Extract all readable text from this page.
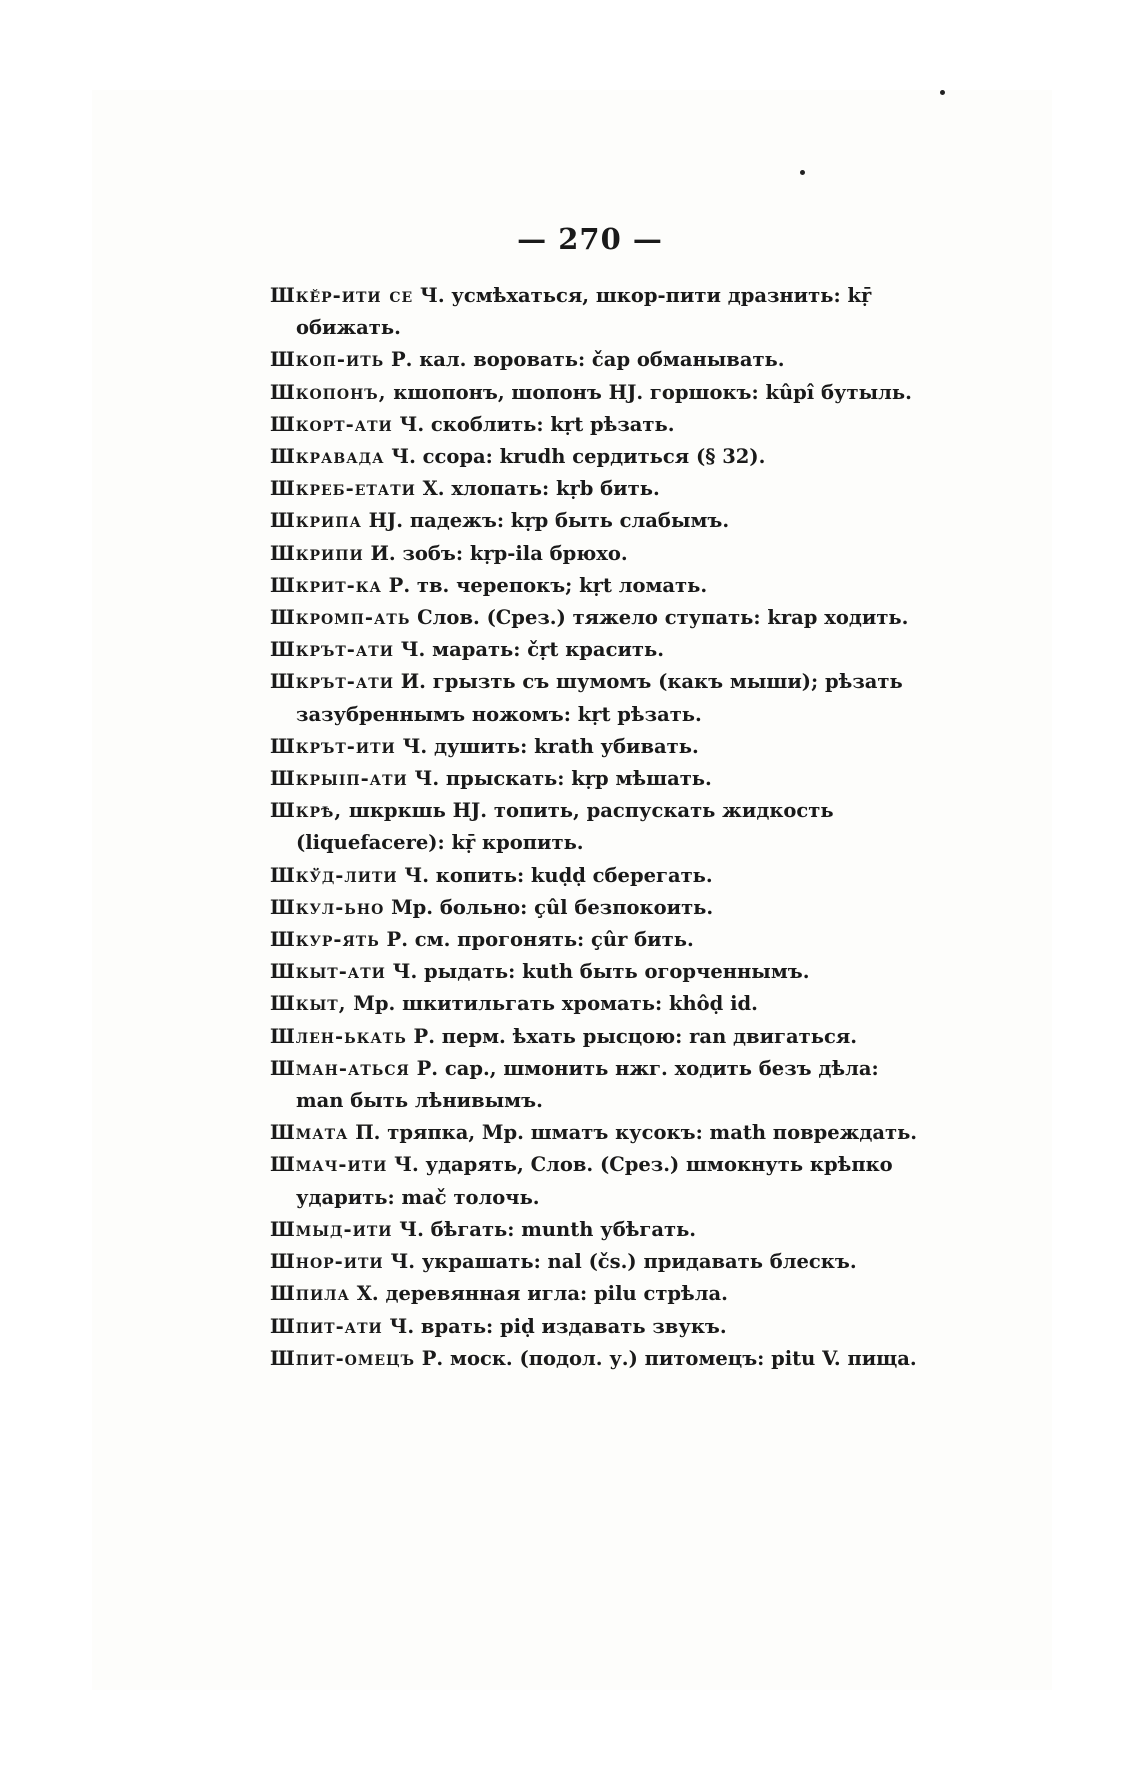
— 270 —
Шкӗр-ити се Ч. усмѣхаться, шкор-пити дразнить: kṝ обижать.
Шкоп-ить Р. кал. воровать: čap обманывать.
Шкопонъ, кшопонъ, шопонъ НЈ. горшокъ: kûpî бутыль.
Шкорт-ати Ч. скоблить: kṛt рѣзать.
Шкравада Ч. ссора: krudh сердиться (§ 32).
Шкреб-етати Х. хлопать: kṛb бить.
Шкрипа НЈ. падежъ: kṛp быть слабымъ.
Шкрипи И. зобъ: kṛp-ila брюхо.
Шкрит-ка Р. тв. черепокъ; kṛt ломать.
Шкромп-ать Слов. (Срез.) тяжело ступать: krap ходить.
Шкрът-ати Ч. марать: čṛt красить.
Шкрът-ати И. грызть съ шумомъ (какъ мыши); рѣзать зазубреннымъ ножомъ: kṛt рѣзать.
Шкрът-ити Ч. душить: krath убивать.
Шкрыіп-ати Ч. прыскать: kṛp мѣшать.
Шкрѣ, шкркшь НЈ. топить, распускать жидкость (liquefacere): kṝ кропить.
Шкўд-лити Ч. копить: kuḍḍ сберегать.
Шкул-ьно Мр. больно: çûl безпокоить.
Шкур-ять Р. см. прогонять: çûr бить.
Шкыт-ати Ч. рыдать: kuth быть огорченнымъ.
Шкыт, Мр. шкитильгать хромать: khôḍ id.
Шлен-ькать Р. перм. ѣхать рысцою: ran двигаться.
Шман-аться Р. сар., шмонить нжг. ходить безъ дѣла: man быть лѣнивымъ.
Шмата П. тряпка, Мр. шматъ кусокъ: math повреждать.
Шмач-ити Ч. ударять, Слов. (Срез.) шмокнуть крѣпко ударить: mač толочь.
Шмыд-ити Ч. бѣгать: munth убѣгать.
Шнор-ити Ч. украшать: nal (čs.) придавать блескъ.
Шпила Х. деревянная игла: pilu стрѣла.
Шпит-ати Ч. врать: piḍ издавать звукъ.
Шпит-омецъ Р. моск. (подол. у.) питомецъ: pitu V. пища.
